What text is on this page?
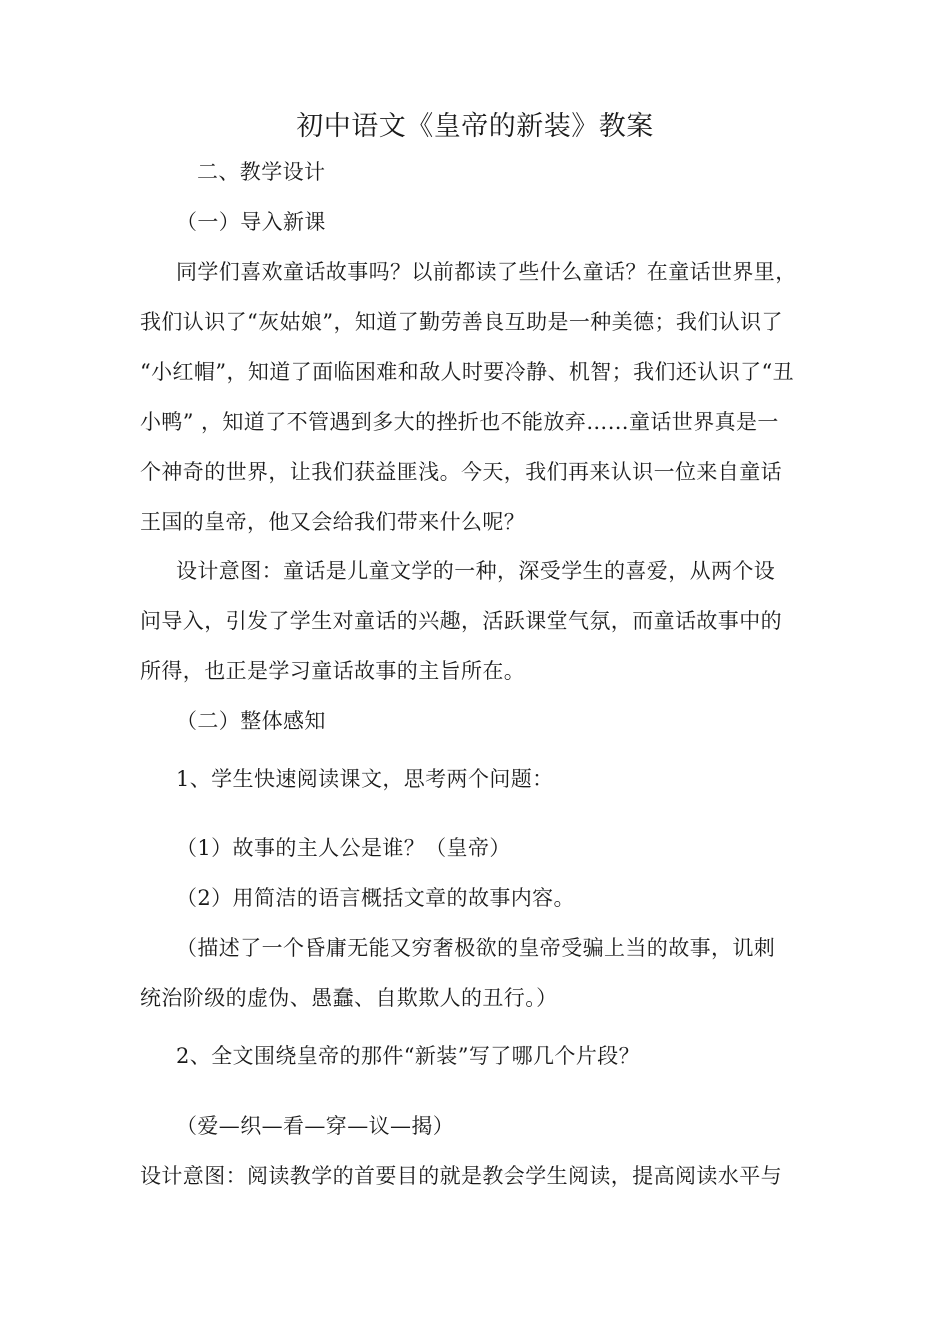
初中语文《皇帝的新装》教案
二、教学设计
（一）导入新课
同学们喜欢童话故事吗？以前都读了些什么童话？在童话世界里，
我们认识了“灰姑娘”，知道了勤劳善良互助是一种美德；我们认识了
“小红帽”，知道了面临困难和敌人时要冷静、机智；我们还认识了“丑
小鸭” ，知道了不管遇到多大的挫折也不能放弃……童话世界真是一
个神奇的世界，让我们获益匪浅。今天，我们再来认识一位来自童话
王国的皇帝，他又会给我们带来什么呢？
设计意图：童话是儿童文学的一种，深受学生的喜爱，从两个设
问导入，引发了学生对童话的兴趣，活跃课堂气氛，而童话故事中的
所得，也正是学习童话故事的主旨所在。
（二）整体感知
1、学生快速阅读课文，思考两个问题：
（1）故事的主人公是谁？（皇帝）
（2）用简洁的语言概括文章的故事内容。
（描述了一个昏庸无能又穷奢极欲的皇帝受骗上当的故事，讥刺
统治阶级的虚伪、愚蠢、自欺欺人的丑行。）
2、全文围绕皇帝的那件“新装”写了哪几个片段？
（爱—织—看—穿—议—揭）
设计意图：阅读教学的首要目的就是教会学生阅读，提高阅读水平与
